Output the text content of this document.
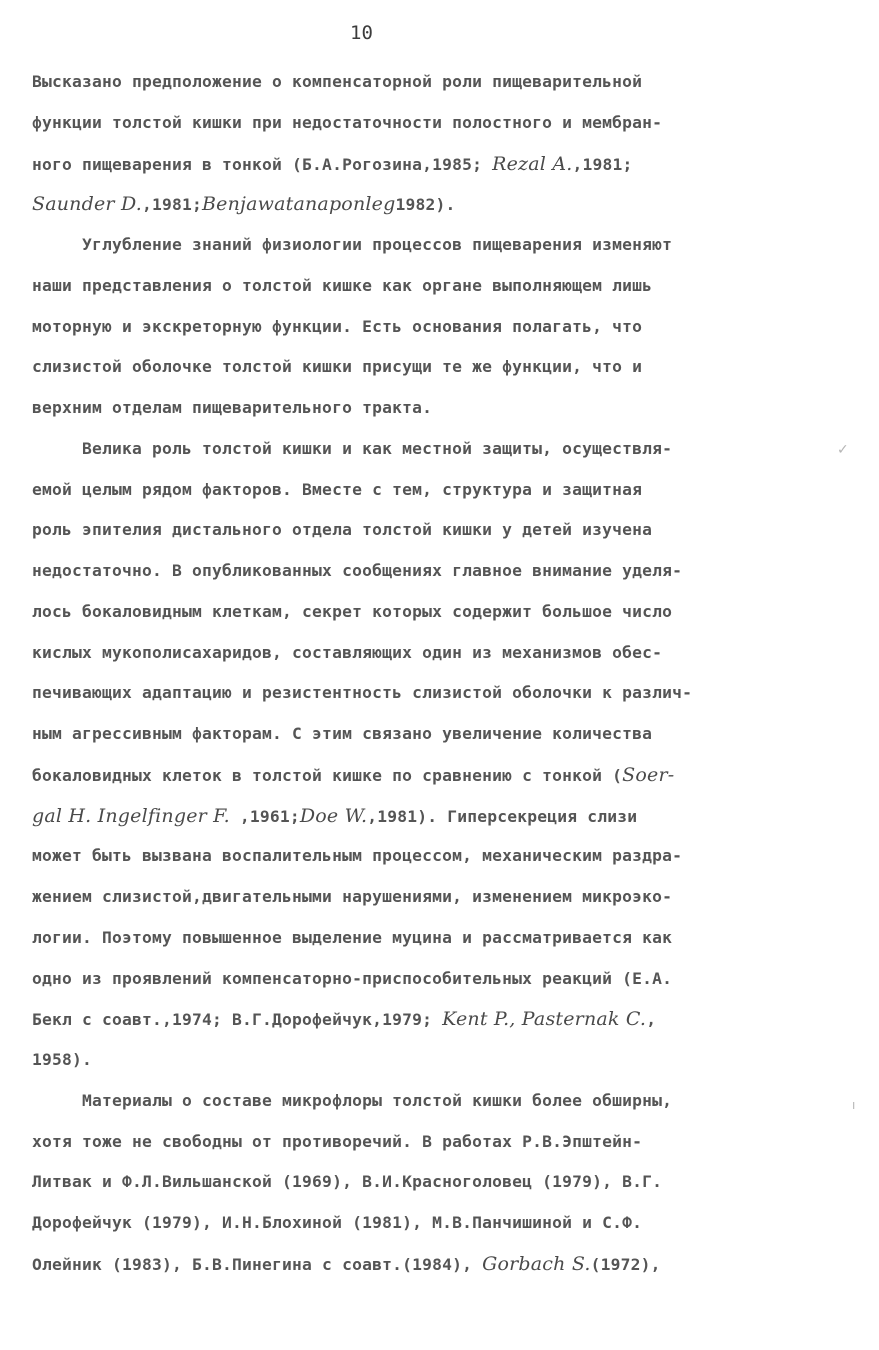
10
Высказано предположение о компенсаторной роли пищеварительной
функции толстой кишки при недостаточности полостного и мембран-
ного пищеварения в тонкой (Б.А.Рогозина,1985; Rezal A.,1981;
Saunder D.,1981;Benjawatanaponleg1982).
Углубление знаний физиологии процессов пищеварения изменяют
наши представления о толстой кишке как органе выполняющем лишь
моторную и экскреторную функции. Есть основания полагать, что
слизистой оболочке толстой кишки присущи те же функции, что и
верхним отделам пищеварительного тракта.
Велика роль толстой кишки и как местной защиты, осуществля-
емой целым рядом факторов. Вместе с тем, структура и защитная
роль эпителия дистального отдела толстой кишки у детей изучена
недостаточно. В опубликованных сообщениях главное внимание уделя-
лось бокаловидным клеткам, секрет которых содержит большое число
кислых мукополисахаридов, составляющих один из механизмов обес-
печивающих адаптацию и резистентность слизистой оболочки к различ-
ным агрессивным факторам. С этим связано увеличение количества
бокаловидных клеток в толстой кишке по сравнению с тонкой (Soer-
gal H. Ingelfinger F. ,1961;Doe W.,1981). Гиперсекреция слизи
может быть вызвана воспалительным процессом, механическим раздра-
жением слизистой,двигательными нарушениями, изменением микроэко-
логии. Поэтому повышенное выделение муцина и рассматривается как
одно из проявлений компенсаторно-приспособительных реакций (Е.А.
Бекл с соавт.,1974; В.Г.Дорофейчук,1979; Kent P., Pasternak C.,
1958).
Материалы о составе микрофлоры толстой кишки более обширны,
хотя тоже не свободны от противоречий. В работах Р.В.Эпштейн-
Литвак и Ф.Л.Вильшанской (1969), В.И.Красноголовец (1979), В.Г.
Дорофейчук (1979), И.Н.Блохиной (1981), М.В.Панчишиной и С.Ф.
Олейник (1983), Б.В.Пинегина с соавт.(1984), Gorbach S.(1972),
✓
ı
